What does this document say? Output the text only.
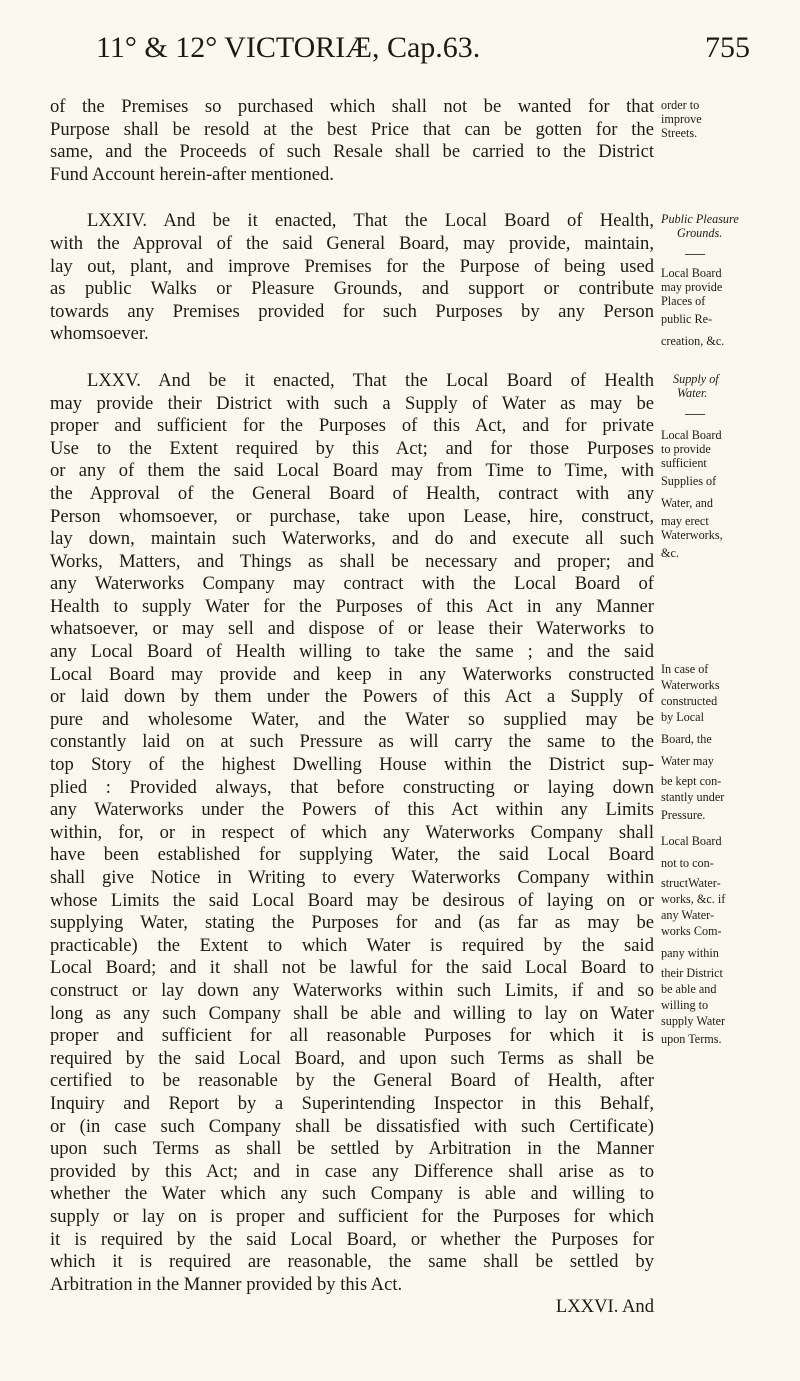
11° & 12° VICTORIÆ, Cap.63.	755
of the Premises so purchased which shall not be wanted for that
Purpose shall be resold at the best Price that can be gotten for the
same, and the Proceeds of such Resale shall be carried to the District
Fund Account herein-after mentioned.
LXXIV. And be it enacted, That the Local Board of Health,
with the Approval of the said General Board, may provide, maintain,
lay out, plant, and improve Premises for the Purpose of being used
as public Walks or Pleasure Grounds, and support or contribute
towards any Premises provided for such Purposes by any Person
whomsoever.
LXXV. And be it enacted, That the Local Board of Health
may provide their District with such a Supply of Water as may be
proper and sufficient for the Purposes of this Act, and for private
Use to the Extent required by this Act; and for those Purposes
or any of them the said Local Board may from Time to Time, with
the Approval of the General Board of Health, contract with any
Person whomsoever, or purchase, take upon Lease, hire, construct,
lay down, maintain such Waterworks, and do and execute all such
Works, Matters, and Things as shall be necessary and proper; and
any Waterworks Company may contract with the Local Board of
Health to supply Water for the Purposes of this Act in any Manner
whatsoever, or may sell and dispose of or lease their Waterworks to
any Local Board of Health willing to take the same ; and the said
Local Board may provide and keep in any Waterworks constructed
or laid down by them under the Powers of this Act a Supply of
pure and wholesome Water, and the Water so supplied may be
constantly laid on at such Pressure as will carry the same to the
top Story of the highest Dwelling House within the District sup-
plied : Provided always, that before constructing or laying down
any Waterworks under the Powers of this Act within any Limits
within, for, or in respect of which any Waterworks Company shall
have been established for supplying Water, the said Local Board
shall give Notice in Writing to every Waterworks Company within
whose Limits the said Local Board may be desirous of laying on or
supplying Water, stating the Purposes for and (as far as may be
practicable) the Extent to which Water is required by the said
Local Board; and it shall not be lawful for the said Local Board to
construct or lay down any Waterworks within such Limits, if and so
long as any such Company shall be able and willing to lay on Water
proper and sufficient for all reasonable Purposes for which it is
required by the said Local Board, and upon such Terms as shall be
certified to be reasonable by the General Board of Health, after
Inquiry and Report by a Superintending Inspector in this Behalf,
or (in case such Company shall be dissatisfied with such Certificate)
upon such Terms as shall be settled by Arbitration in the Manner
provided by this Act; and in case any Difference shall arise as to
whether the Water which any such Company is able and willing to
supply or lay on is proper and sufficient for the Purposes for which
it is required by the said Local Board, or whether the Purposes for
which it is required are reasonable, the same shall be settled by
Arbitration in the Manner provided by this Act.
LXXVI. And
order to
improve
Streets.
Public Pleasure
Grounds.
Local Board
may provide
Places of
public Re-
creation, &c.
Supply of
Water.
Local Board
to provide
sufficient
Supplies of
Water, and
may erect
Waterworks,
&c.
In case of
Waterworks
constructed
by Local
Board, the
Water may
be kept con-
stantly under
Pressure.
Local Board
not to con-
structWater-
works, &c. if
any Water-
works Com-
pany within
their District
be able and
willing to
supply Water
upon Terms.
